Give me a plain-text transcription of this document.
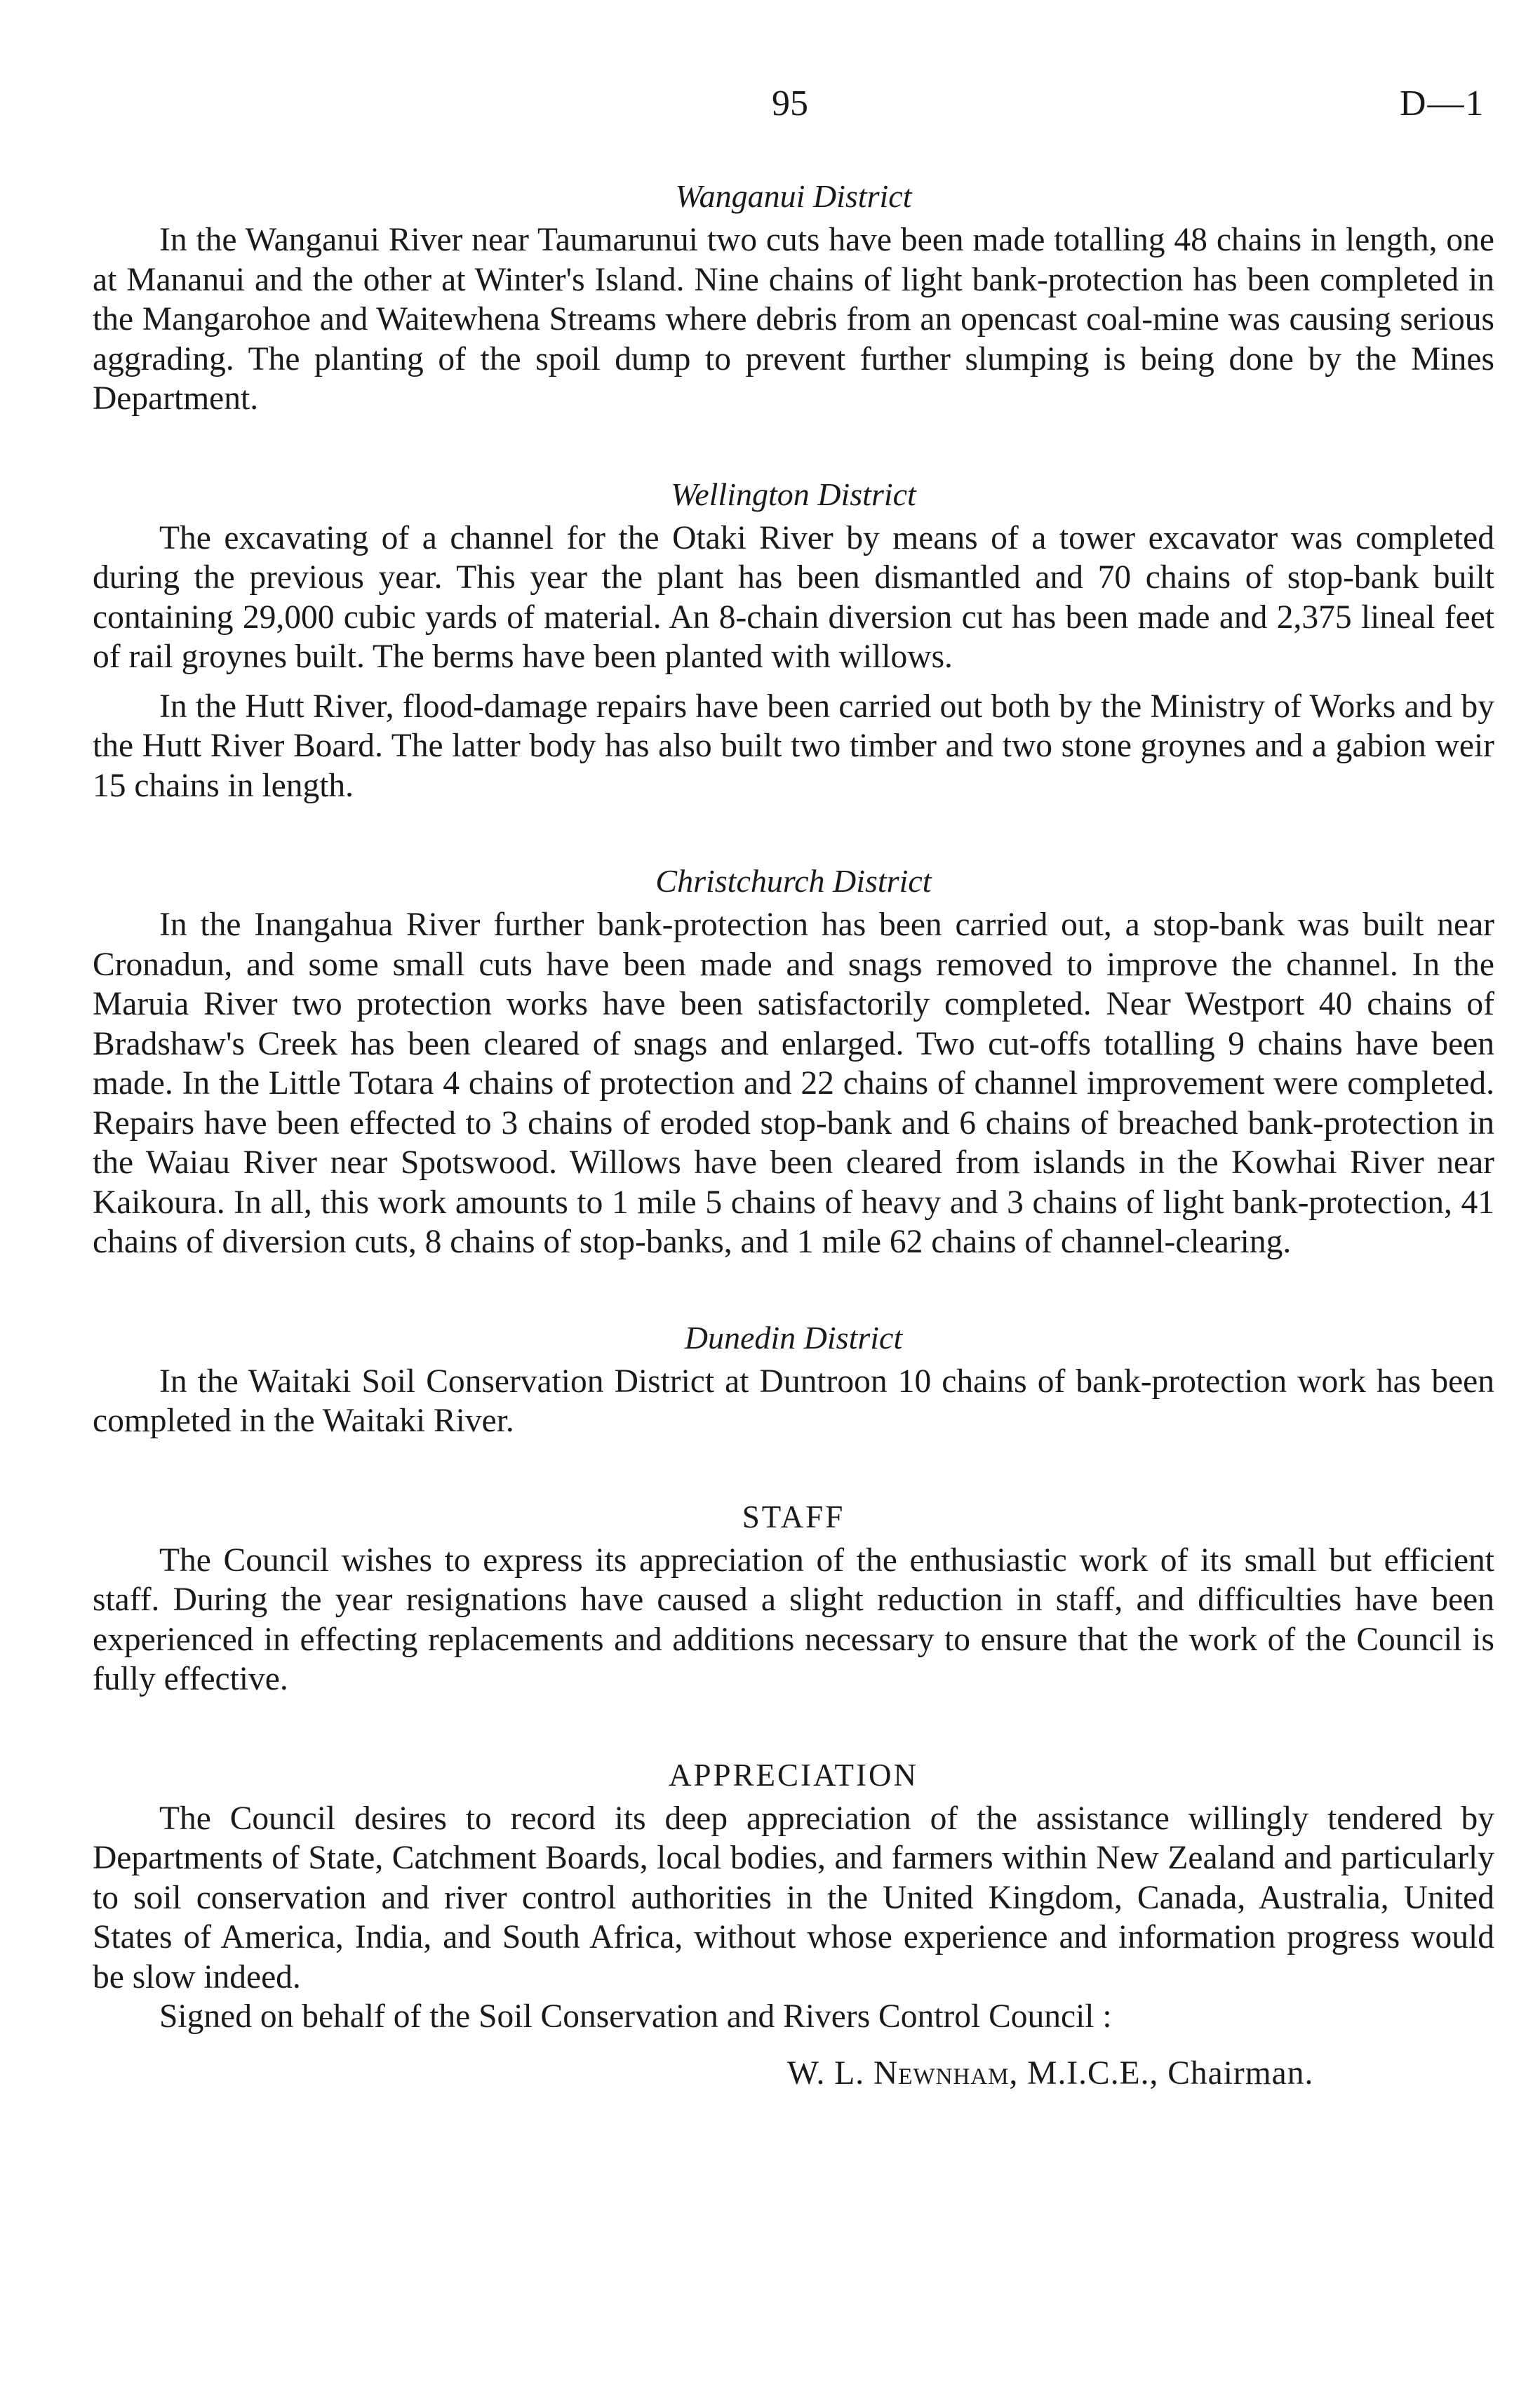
95	D—1
Wanganui District

In the Wanganui River near Taumarunui two cuts have been made totalling 48 chains in length, one at Mananui and the other at Winter's Island. Nine chains of light bank-protection has been completed in the Mangarohoe and Waitewhena Streams where debris from an opencast coal-mine was causing serious aggrading. The planting of the spoil dump to prevent further slumping is being done by the Mines Department.

Wellington District

The excavating of a channel for the Otaki River by means of a tower excavator was completed during the previous year. This year the plant has been dismantled and 70 chains of stop-bank built containing 29,000 cubic yards of material. An 8-chain diversion cut has been made and 2,375 lineal feet of rail groynes built. The berms have been planted with willows.

In the Hutt River, flood-damage repairs have been carried out both by the Ministry of Works and by the Hutt River Board. The latter body has also built two timber and two stone groynes and a gabion weir 15 chains in length.

Christchurch District

In the Inangahua River further bank-protection has been carried out, a stop-bank was built near Cronadun, and some small cuts have been made and snags removed to improve the channel. In the Maruia River two protection works have been satisfactorily completed. Near Westport 40 chains of Bradshaw's Creek has been cleared of snags and enlarged. Two cut-offs totalling 9 chains have been made. In the Little Totara 4 chains of protection and 22 chains of channel improvement were completed. Repairs have been effected to 3 chains of eroded stop-bank and 6 chains of breached bank-protection in the Waiau River near Spotswood. Willows have been cleared from islands in the Kowhai River near Kaikoura. In all, this work amounts to 1 mile 5 chains of heavy and 3 chains of light bank-protection, 41 chains of diversion cuts, 8 chains of stop-banks, and 1 mile 62 chains of channel-clearing.

Dunedin District

In the Waitaki Soil Conservation District at Duntroon 10 chains of bank-protection work has been completed in the Waitaki River.

STAFF

The Council wishes to express its appreciation of the enthusiastic work of its small but efficient staff. During the year resignations have caused a slight reduction in staff, and difficulties have been experienced in effecting replacements and additions necessary to ensure that the work of the Council is fully effective.

APPRECIATION

The Council desires to record its deep appreciation of the assistance willingly tendered by Departments of State, Catchment Boards, local bodies, and farmers within New Zealand and particularly to soil conservation and river control authorities in the United Kingdom, Canada, Australia, United States of America, India, and South Africa, without whose experience and information progress would be slow indeed.

Signed on behalf of the Soil Conservation and Rivers Control Council :

W. L. Newnham, M.I.C.E., Chairman.
